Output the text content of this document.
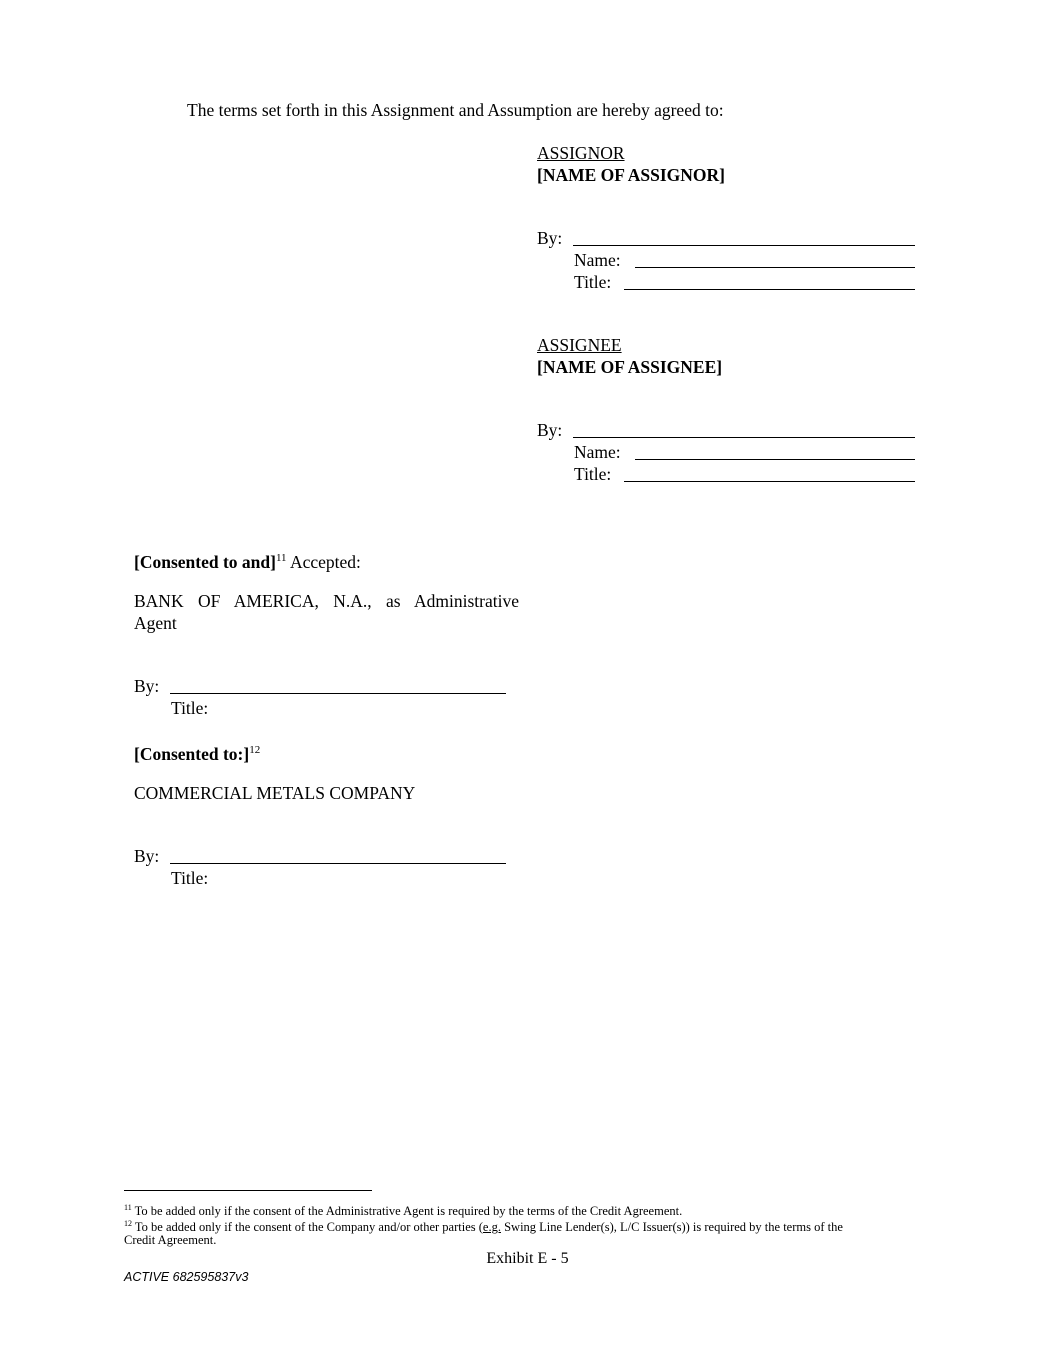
The terms set forth in this Assignment and Assumption are hereby agreed to:
ASSIGNOR
[NAME OF ASSIGNOR]
By:
Name:
Title:
ASSIGNEE
[NAME OF ASSIGNEE]
By:
Name:
Title:
[Consented to and]$^{11}$ Accepted:
BANK OF AMERICA, N.A., as Administrative
Agent
By:
Title:
[Consented to:]$^{12}$
COMMERCIAL METALS COMPANY
By:
Title:
$^{11}$ To be added only if the consent of the Administrative Agent is required by the terms of the Credit Agreement.
$^{12}$ To be added only if the consent of the Company and/or other parties (e.g. Swing Line Lender(s), L/C Issuer(s)) is required by the terms of the
Credit Agreement.
Exhibit E - 5
ACTIVE 682595837v3
